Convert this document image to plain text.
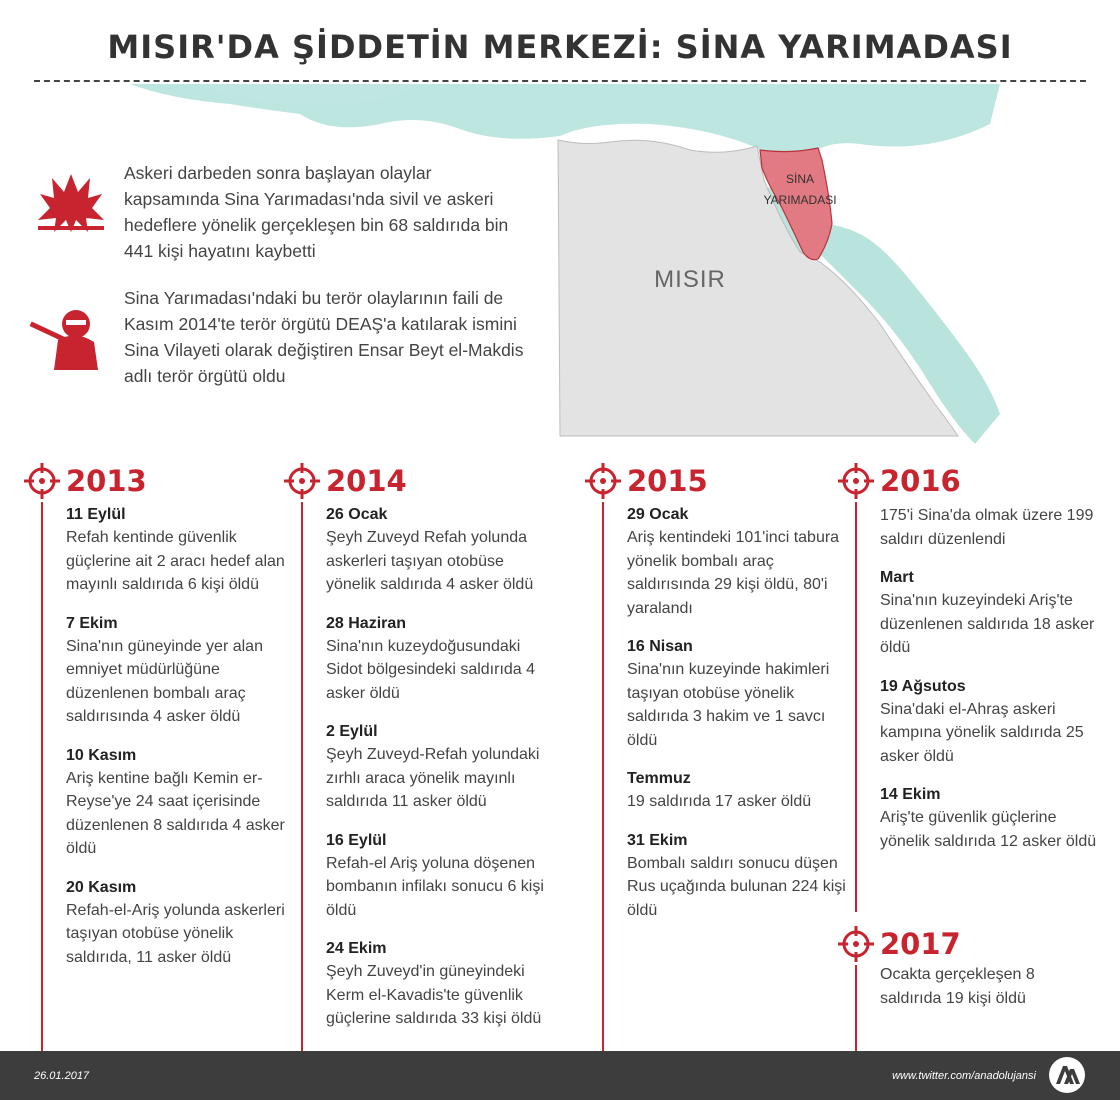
MISIR'DA ŞİDDETİN MERKEZİ: SİNA YARIMADASI
MISIR
SİNA
YARIMADASI
Askeri darbeden sonra başlayan olaylar kapsamında Sina Yarımadası'nda sivil ve askeri hedeflere yönelik gerçekleşen bin 68 saldırıda bin 441 kişi hayatını kaybetti
Sina Yarımadası'ndaki bu terör olaylarının faili de Kasım 2014'te terör örgütü DEAŞ'a katılarak ismini Sina Vilayeti olarak değiştiren Ensar Beyt el-Makdis adlı terör örgütü oldu
2013
11 Eylül
Refah kentinde güvenlik güçlerine ait 2 aracı hedef alan mayınlı saldırıda 6 kişi öldü
7 Ekim
Sina'nın güneyinde yer alan emniyet müdürlüğüne düzenlenen bombalı araç saldırısında 4 asker öldü
10 Kasım
Ariş kentine bağlı Kemin er-Reyse'ye 24 saat içerisinde düzenlenen 8 saldırıda 4 asker öldü
20 Kasım
Refah-el-Ariş yolunda askerleri taşıyan otobüse yönelik saldırıda, 11 asker öldü
2014
26 Ocak
Şeyh Zuveyd Refah yolunda askerleri taşıyan otobüse yönelik saldırıda 4 asker öldü
28 Haziran
Sina'nın kuzeydoğusundaki Sidot bölgesindeki saldırıda 4 asker öldü
2 Eylül
Şeyh Zuveyd-Refah yolundaki zırhlı araca yönelik mayınlı saldırıda 11 asker öldü
16 Eylül
Refah-el Ariş yoluna döşenen bombanın infilakı sonucu 6 kişi öldü
24 Ekim
Şeyh Zuveyd'in güneyindeki Kerm el-Kavadis'te güvenlik güçlerine saldırıda 33 kişi öldü
2015
29 Ocak
Ariş kentindeki 101'inci tabura yönelik bombalı araç saldırısında 29 kişi öldü, 80'i yaralandı
16 Nisan
Sina'nın kuzeyinde hakimleri taşıyan otobüse yönelik saldırıda 3 hakim ve 1 savcı öldü
Temmuz
19 saldırıda 17 asker öldü
31 Ekim
Bombalı saldırı sonucu düşen Rus uçağında bulunan 224 kişi öldü
2016
175'i Sina'da olmak üzere 199 saldırı düzenlendi
Mart
Sina'nın kuzeyindeki Ariş'te düzenlenen saldırıda 18 asker öldü
19 Ağsutos
Sina'daki el-Ahraş askeri kampına yönelik saldırıda 25 asker öldü
14 Ekim
Ariş'te güvenlik güçlerine yönelik saldırıda 12 asker öldü
2017
Ocakta gerçekleşen 8 saldırıda 19 kişi öldü
26.01.2017	www.twitter.com/anadolujansi
